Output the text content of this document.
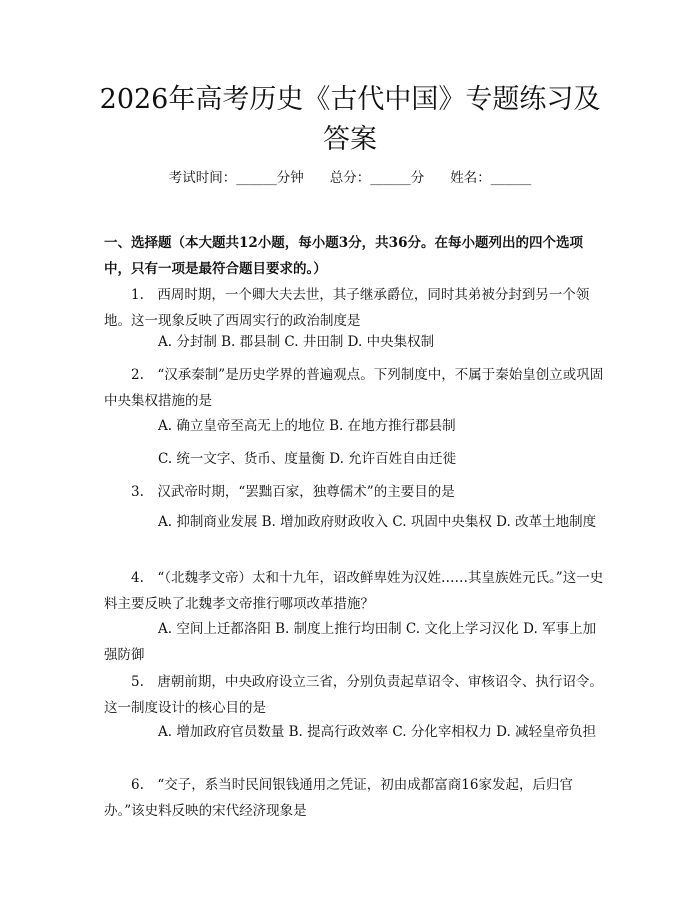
2026年高考历史《古代中国》专题练习及答案
考试时间：______分钟 总分：______分 姓名：______

一、选择题（本大题共12小题，每小题3分，共36分。在每小题列出的四个选项中，只有一项是最符合题目要求的。）

1.  西周时期，一个卿大夫去世，其子继承爵位，同时其弟被分封到另一个领地。这一现象反映了西周实行的政治制度是

A. 分封制 B. 郡县制 C. 井田制 D. 中央集权制

2.  “汉承秦制”是历史学界的普遍观点。下列制度中，不属于秦始皇创立或巩固中央集权措施的是

A. 确立皇帝至高无上的地位 B. 在地方推行郡县制

C. 统一文字、货币、度量衡 D. 允许百姓自由迁徙

3.  汉武帝时期，“罢黜百家，独尊儒术”的主要目的是

A. 抑制商业发展 B. 增加政府财政收入 C. 巩固中央集权 D. 改革土地制度

4.  “（北魏孝文帝）太和十九年，诏改鲜卑姓为汉姓……其皇族姓元氏。”这一史料主要反映了北魏孝文帝推行哪项改革措施？

A. 空间上迁都洛阳 B. 制度上推行均田制 C. 文化上学习汉化 D. 军事上加强防御

5.  唐朝前期，中央政府设立三省，分别负责起草诏令、审核诏令、执行诏令。这一制度设计的核心目的是

A. 增加政府官员数量 B. 提高行政效率 C. 分化宰相权力 D. 减轻皇帝负担

6.  “交子，系当时民间银钱通用之凭证，初由成都富商16家发起，后归官办。”该史料反映的宋代经济现象是
